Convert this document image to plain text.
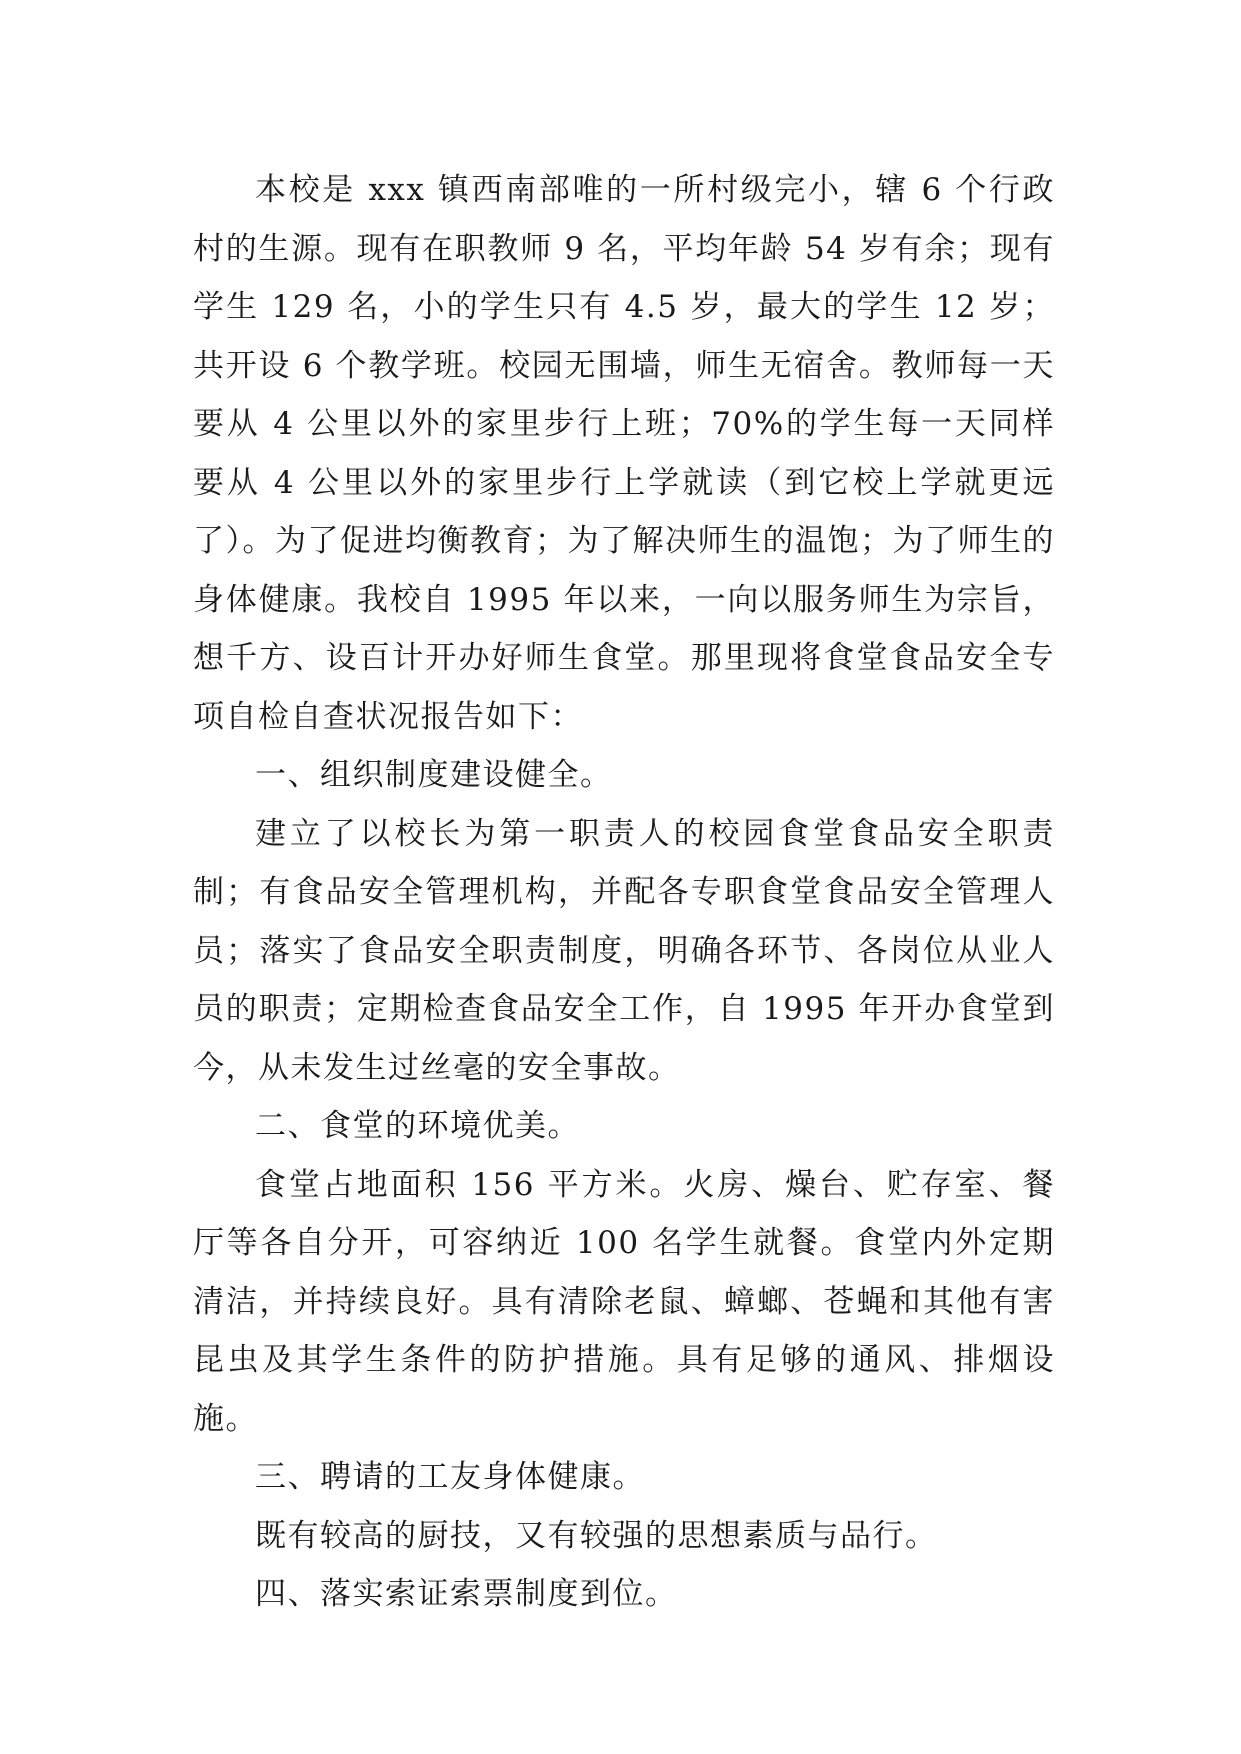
本校是 xxx 镇西南部唯的一所村级完小，辖 6 个行政村的生源。现有在职教师 9 名，平均年龄 54 岁有余；现有学生 129 名，小的学生只有 4.5 岁，最大的学生 12 岁；共开设 6 个教学班。校园无围墙，师生无宿舍。教师每一天要从 4 公里以外的家里步行上班；70%的学生每一天同样要从 4 公里以外的家里步行上学就读（到它校上学就更远了）。为了促进均衡教育；为了解决师生的温饱；为了师生的身体健康。我校自 1995 年以来，一向以服务师生为宗旨，想千方、设百计开办好师生食堂。那里现将食堂食品安全专项自检自查状况报告如下：

一、组织制度建设健全。

建立了以校长为第一职责人的校园食堂食品安全职责制；有食品安全管理机构，并配各专职食堂食品安全管理人员；落实了食品安全职责制度，明确各环节、各岗位从业人员的职责；定期检查食品安全工作，自 1995 年开办食堂到今，从未发生过丝毫的安全事故。

二、食堂的环境优美。

食堂占地面积 156 平方米。火房、燥台、贮存室、餐厅等各自分开，可容纳近 100 名学生就餐。食堂内外定期清洁，并持续良好。具有清除老鼠、蟑螂、苍蝇和其他有害昆虫及其学生条件的防护措施。具有足够的通风、排烟设施。

三、聘请的工友身体健康。

既有较高的厨技，又有较强的思想素质与品行。

四、落实索证索票制度到位。
